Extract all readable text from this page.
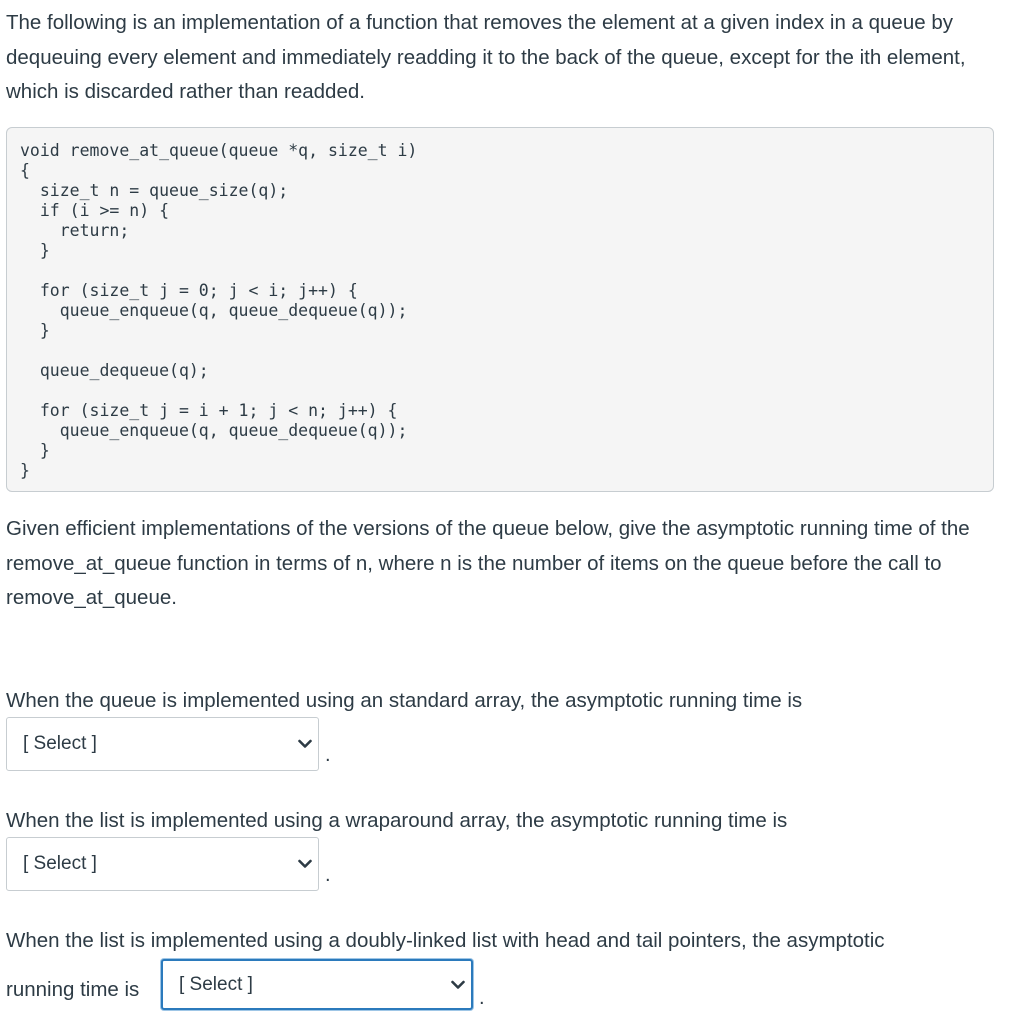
The following is an implementation of a function that removes the element at a given index in a queue by dequeuing every element and immediately readding it to the back of the queue, except for the ith element, which is discarded rather than readded.

void remove_at_queue(queue *q, size_t i)
{
size_t n = queue_size(q);
if (i >= n) {
return;
}

for (size_t j = 0; j < i; j++) {
queue_enqueue(q, queue_dequeue(q));
}

queue_dequeue(q);

for (size_t j = i + 1; j < n; j++) {
queue_enqueue(q, queue_dequeue(q));
}
}

Given efficient implementations of the versions of the queue below, give the asymptotic running time of the remove_at_queue function in terms of n, where n is the number of items on the queue before the call to remove_at_queue.

When the queue is implemented using an standard array, the asymptotic running time is

[ Select ]
.

When the list is implemented using a wraparound array, the asymptotic running time is

[ Select ]
.

When the list is implemented using a doubly-linked list with head and tail pointers, the asymptotic

running time is [ Select ]
.
